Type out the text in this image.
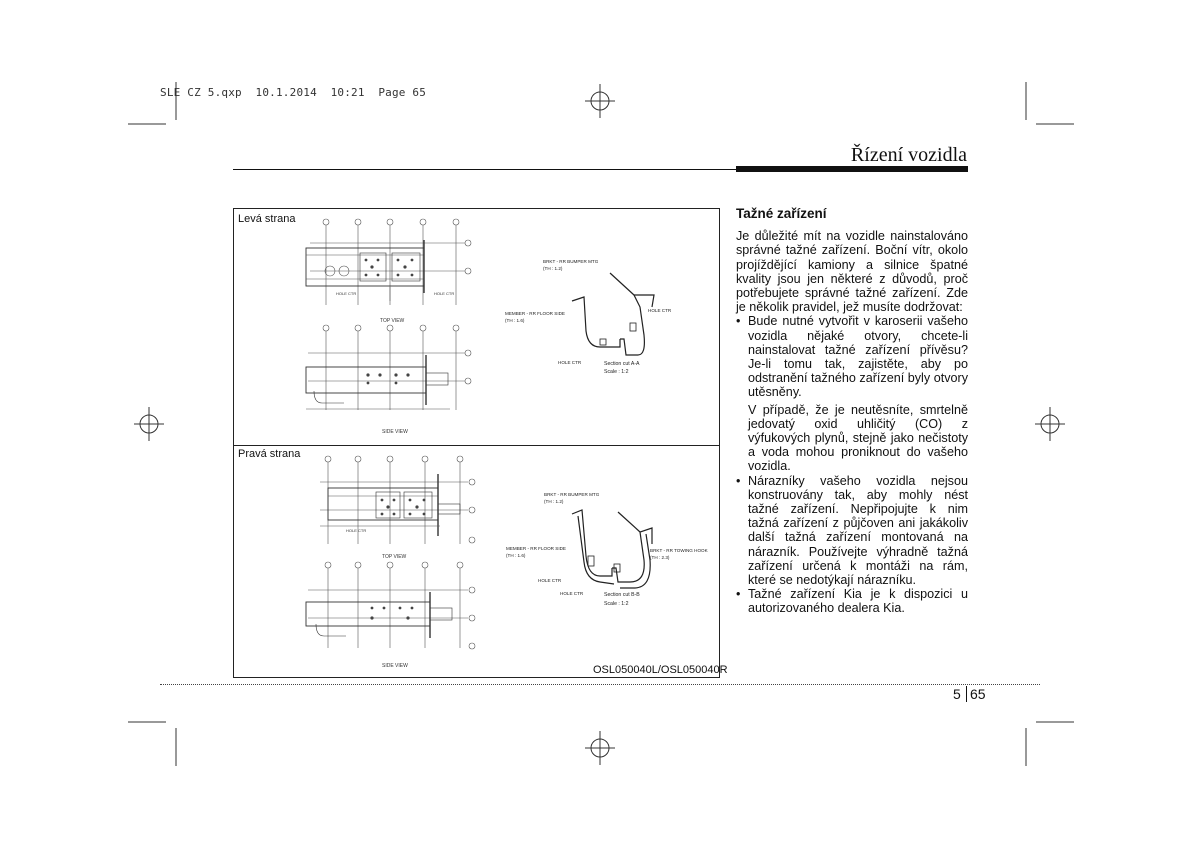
SLE CZ 5.qxp  10.1.2014  10:21  Page 65
Řízení vozidla
Levá strana
Pravá strana
OSL050040L/OSL050040R
TOP VIEW
HOLE CTR	HOLE CTR
SIDE VIEW
BRKT - RR BUMPER MTG
(TH : 1.2)
MEMBER - RR FLOOR SIDE
(TH : 1.6)
HOLE CTR
HOLE CTR	Section cut A-A
Scale : 1:2
TOP VIEW
HOLE CTR
SIDE VIEW
BRKT - RR BUMPER MTG
(TH : 1.2)
MEMBER - RR FLOOR SIDE
(TH : 1.6)
BRKT - RR TOWING HOOK
(TH : 2.3)
HOLE CTR
HOLE CTR	Section cut B-B
Scale : 1:2
Tažné zařízení

Je důležité mít na vozidle nainstalováno správné tažné zařízení. Boční vítr, okolo projíždějící kamiony a silnice špatné kvality jsou jen některé z důvodů, proč potřebujete správné tažné zařízení. Zde je několik pravidel, jež musíte dodržovat:

• Bude nutné vytvořit v karoserii vašeho vozidla nějaké otvory, chcete-li nainstalovat tažné zařízení přívěsu? Je-li tomu tak, zajistěte, aby po odstranění tažného zařízení byly otvory utěsněny.

V případě, že je neutěsníte, smrtelně jedovatý oxid uhličitý (CO) z výfukových plynů, stejně jako nečistoty a voda mohou proniknout do vašeho vozidla.

• Nárazníky vašeho vozidla nejsou konstruovány tak, aby mohly nést tažné zařízení. Nepřipojujte k nim tažná zařízení z půjčoven ani jakákoliv další tažná zařízení montovaná na nárazník. Používejte výhradně tažná zařízení určená k montáži na rám, které se nedotýkají nárazníku.

• Tažné zařízení Kia je k dispozici u autorizovaného dealera Kia.

5 65
